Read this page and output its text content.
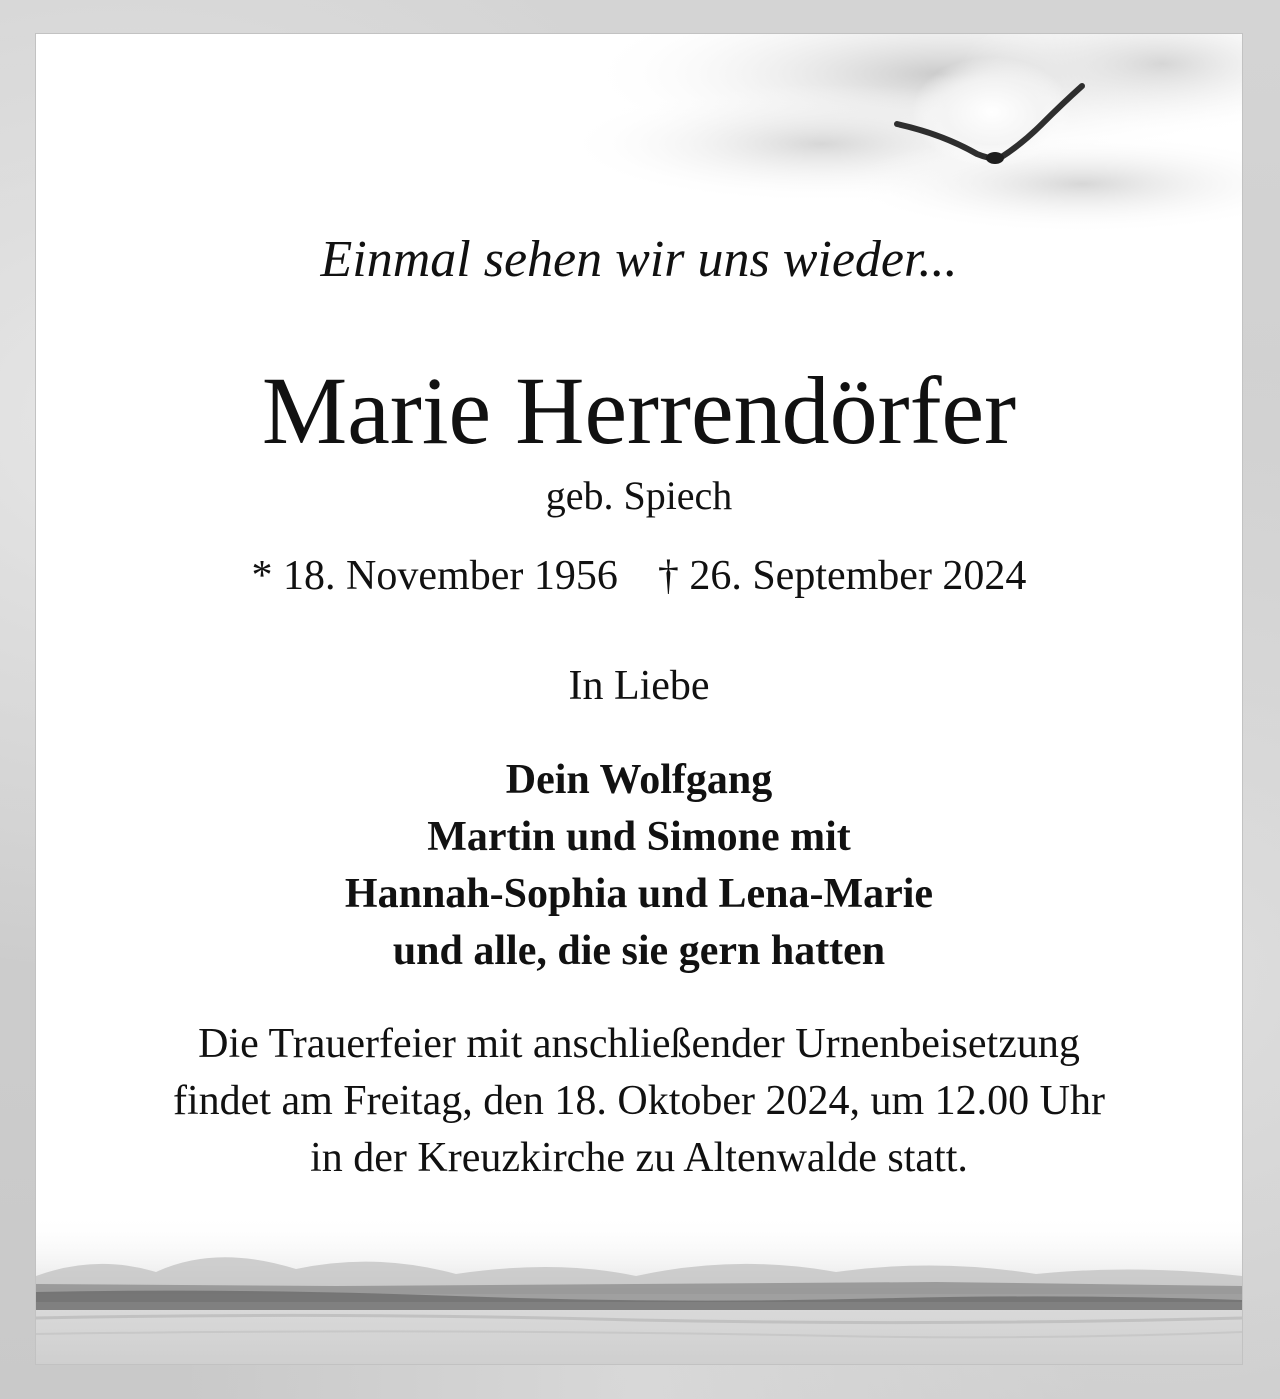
Einmal sehen wir uns wieder...
Marie Herrendörfer
geb. Spiech
* 18. November 1956 † 26. September 2024
In Liebe
Dein Wolfgang
Martin und Simone mit
Hannah-Sophia und Lena-Marie
und alle, die sie gern hatten
Die Trauerfeier mit anschließender Urnenbeisetzung
findet am Freitag, den 18. Oktober 2024, um 12.00 Uhr
in der Kreuzkirche zu Altenwalde statt.
